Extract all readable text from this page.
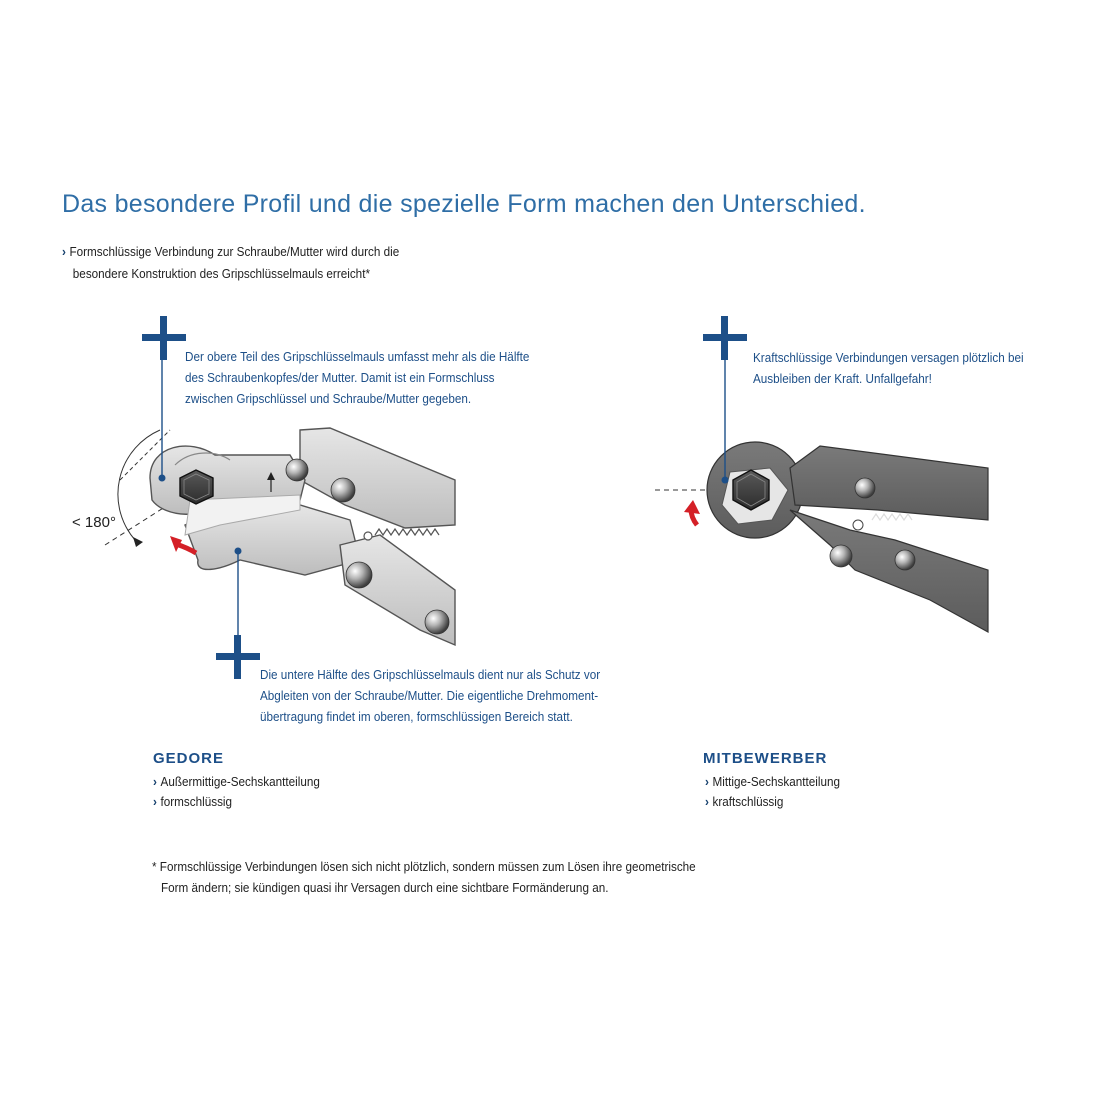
Das besondere Profil und die spezielle Form machen den Unterschied.
› Formschlüssige Verbindung zur Schraube/Mutter wird durch die
besondere Konstruktion des Gripschlüsselmauls erreicht*
< 180°
Der obere Teil des Gripschlüsselmauls umfasst mehr als die Hälfte
des Schraubenkopfes/der Mutter. Damit ist ein Formschluss
zwischen Gripschlüssel und Schraube/Mutter gegeben.
Die untere Hälfte des Gripschlüsselmauls dient nur als Schutz vor
Abgleiten von der Schraube/Mutter. Die eigentliche Drehmoment-
übertragung findet im oberen, formschlüssigen Bereich statt.
Kraftschlüssige Verbindungen versagen plötzlich bei
Ausbleiben der Kraft. Unfallgefahr!
GEDORE
› Außermittige-Sechskantteilung
› formschlüssig
MITBEWERBER
› Mittige-Sechskantteilung
› kraftschlüssig
* Formschlüssige Verbindungen lösen sich nicht plötzlich, sondern müssen zum Lösen ihre geometrische
Form ändern; sie kündigen quasi ihr Versagen durch eine sichtbare Formänderung an.
